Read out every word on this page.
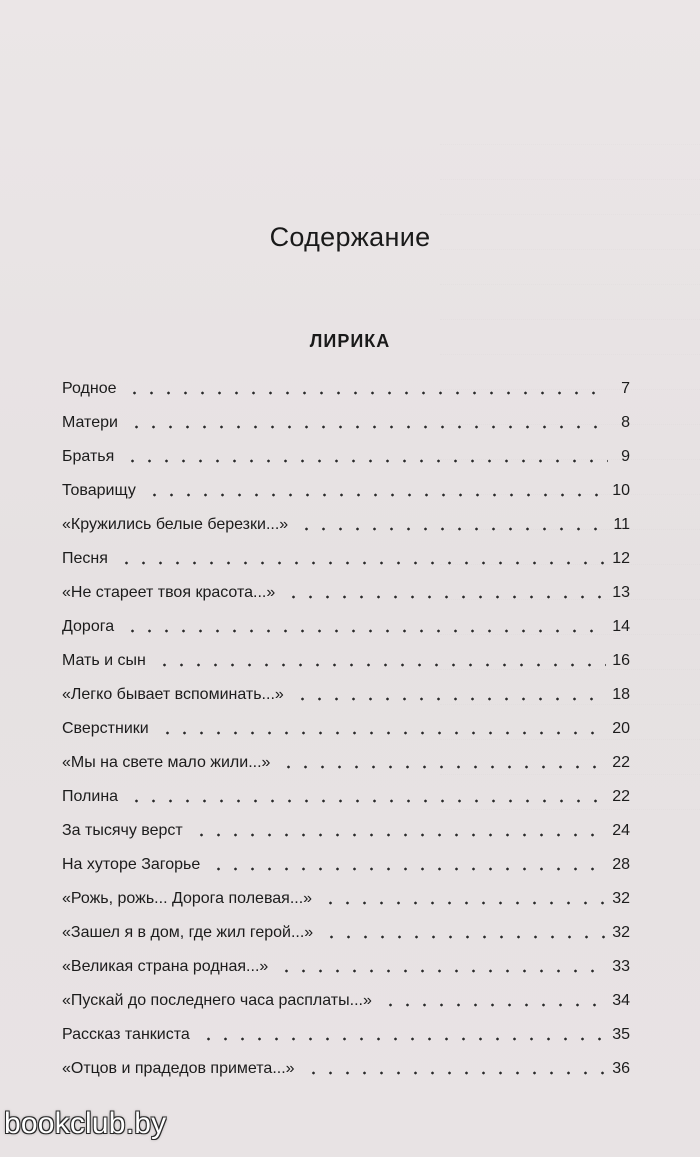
Содержание
ЛИРИКА
Родное	7
Матери	8
Братья	9
Товарищу	10
«Кружились белые березки...»	11
Песня	12
«Не стареет твоя красота...»	13
Дорога	14
Мать и сын	16
«Легко бывает вспоминать...»	18
Сверстники	20
«Мы на свете мало жили...»	22
Полина	22
За тысячу верст	24
На хуторе Загорье	28
«Рожь, рожь... Дорога полевая...»	32
«Зашел я в дом, где жил герой...»	32
«Великая страна родная...»	33
«Пускай до последнего часа расплаты...»	34
Рассказ танкиста	35
«Отцов и прадедов примета...»	36
bookclub.by
